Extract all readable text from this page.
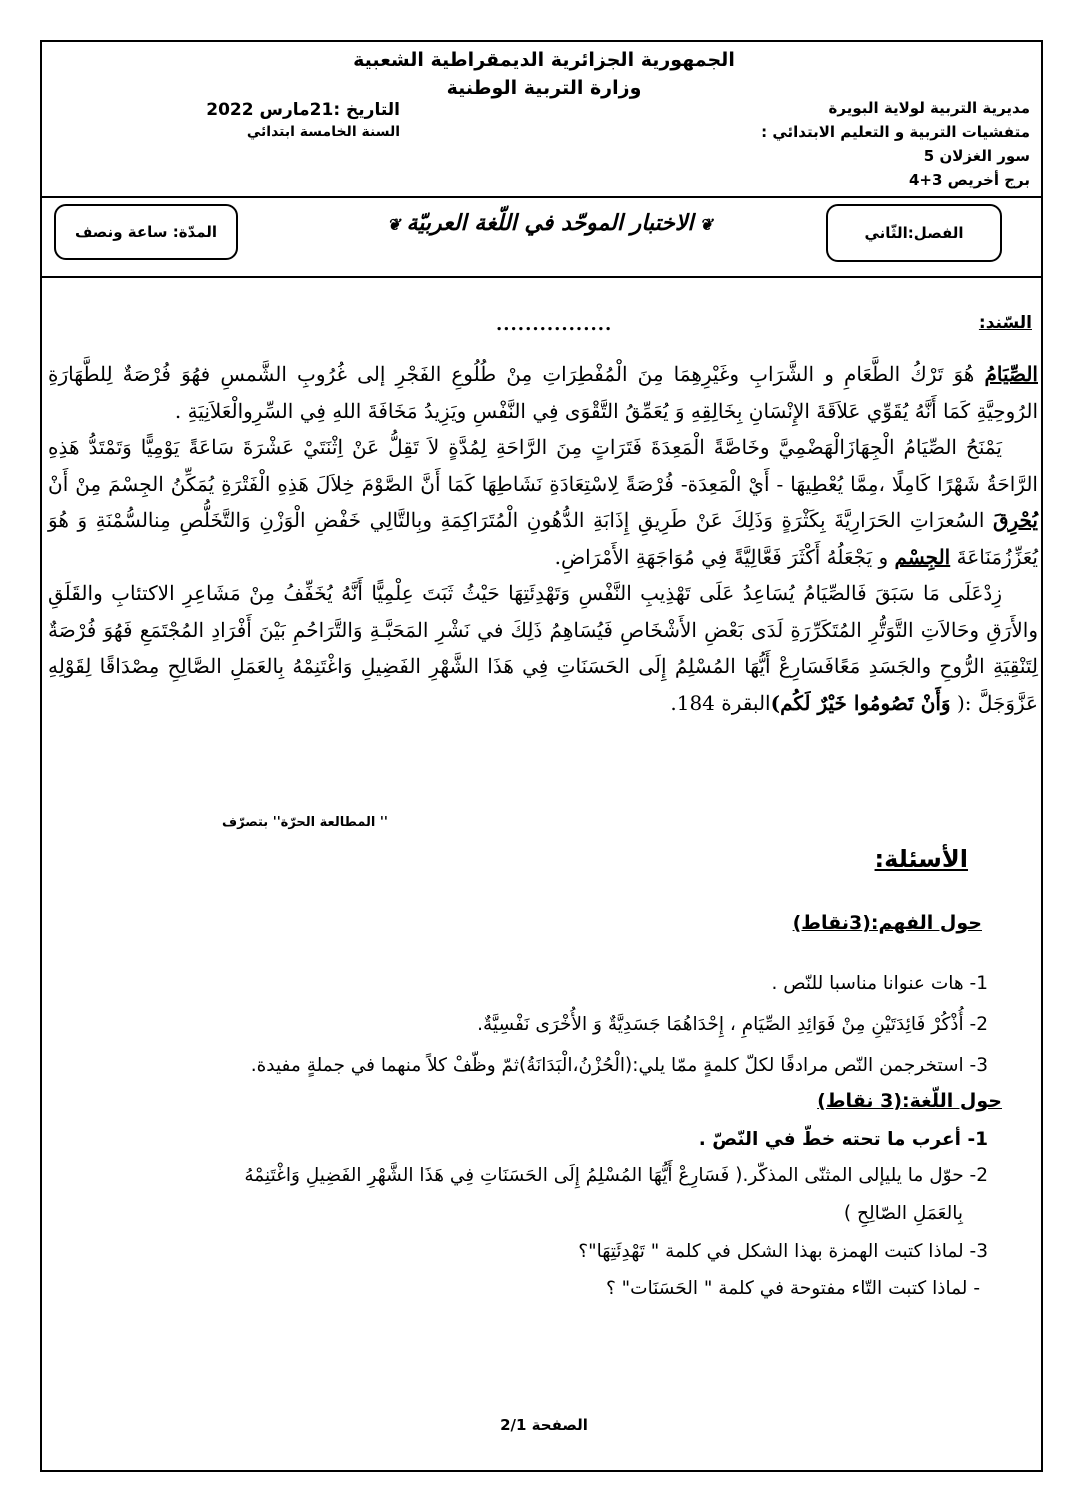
الجمهورية الجزائرية الديمقراطية الشعبية
وزارة التربية الوطنية
مديرية التربية لولاية البويرة
متفشيات التربية و التعليم الابتدائي :
سور الغزلان 5
برج أخريص 3+4
التاريخ :21مارس 2022
السنة الخامسة ابتدائي
الفصل:الثّاني
❦الاختبار الموحّد في اللّغة العربيّة❦
المدّة: ساعة ونصف
السّند:
................

الصِّيَامُ هُوَ تَرْكُ الطَّعَامِ و الشَّرَابِ وغَيْرِهِمَا مِنَ الْمُفْطِرَاتِ مِنْ طُلُوعِ الفَجْرِ إلى غُرُوبِ الشَّمسِ فهُوَ فُرْصَةٌ لِلطَّهَارَةِ الرُوحِيَّةِ كَمَا أَنَّهُ يُقَوِّي عَلاَقَةَ الإِنْسَانِ بِخَالِقِهِ وَ يُعَمِّقُ التَّقْوَى فِي النَّفْسِ ويَزِيدُ مَخَافَةَ اللهِ فِي السِّرِوالْعَلاَنِيَةِ .

يَمْنَحُ الصِّيَامُ الْجِهَازَالْهَضْمِيَّ وخَاصَّةً الْمَعِدَةَ فَتَرَاتٍ مِنَ الرَّاحَةِ لِمُدَّةٍ لاَ تَقِلُّ عَنْ اِثْنَتَيْ عَشْرَةَ سَاعَةً يَوْمِيًّا وَتَمْتَدُّ هَذِهِ الرَّاحَةُ شَهْرًا كَامِلًا ،مِمَّا يُعْطِيهَا - أَيْ الْمَعِدَة- فُرْصَةً لِاسْتِعَادَةِ نَشَاطِهَا كَمَا أَنَّ الصَّوْمَ خِلاَلَ هَذِهِ الْفَتْرَةِ يُمَكِّنُ الجِسْمَ مِنْ أَنْ يُحْرِقَ السُعرَاتِ الحَرَارِيَّةَ بِكَثْرَةٍ وَذَلِكَ عَنْ طَرِيقِ إِذَابَةِ الدُّهُونِ الْمُتَرَاكِمَةِ وبِالتَّالِي خَفْضِ الْوَزْنِ وَالتَّخَلُّصِ مِنالسُّمْنَةِ وَ هُوَ يُعَزِّزُمَنَاعَةَ الجِسْم و يَجْعَلُهُ أَكْثَرَ فَعَّالِيَّةً فِي مُوَاجَهَةِ الأَمْرَاضِ.

زِدْعَلَى مَا سَبَقَ فَالصِّيَامُ يُسَاعِدُ عَلَى تَهْذِيبِ النَّفْسِ وَتَهْدِئَتِهَا حَيْثُ ثَبَتَ عِلْمِيًّا أَنَّهُ يُخَفِّفُ مِنْ مَشَاعِرِ الاكتئابِ والقَلَقِ والأَرَقِ وحَالاَتِ التَّوَتُّرِ المُتَكَرِّرَةِ لَدَى بَعْضِ الأَشْخَاصِ فَيُسَاهِمُ ذَلِكَ في نَشْرِ المَحَبَّـةِ وَالتَّرَاحُمِ بَيْنَ أَفْرَادِ المُجْتَمَعِ فَهُوَ فُرْصَةٌ لِتَنْقِيَةِ الرُّوحِ والجَسَدِ مَعًافَسَارِعْ أَيُّهَا المُسْلِمُ إِلَى الحَسَنَاتِ فِي هَذَا الشَّهْرِ الفَضِيلِ وَاغْتَنِمْهُ بِالعَمَلِ الصَّالِحِ مِصْدَاقًا لِقَوْلِهِ عَزَّوَجَلَّ :( وَأَنْ تَصُومُوا خَيْرٌ لَكُم)البقرة 184.

'' المطالعة الحرّة'' بتصرّف
الأسئلة:
حول الفهم:(3نقاط)
1- هات عنوانا مناسبا للنّص .
2- أُذْكُرْ فَائِدَتَيْنِ مِنْ فَوَائِدِ الصِّيَامِ ، إِحْدَاهُمَا جَسَدِيَّةٌ وَ الأُخْرَى نَفْسِيَّةٌ.
3- استخرجمن النّص مرادفًا لكلّ كلمةٍ ممّا يلي:(الْحُزْنُ،الْبَدَانَةُ)ثمّ وظّفْ كلاً منهما في جملةٍ مفيدة.
حول اللّغة:(3 نقاط)
1- أعرب ما تحته خطّ في النّصّ .
2- حوّل ما يليإلى المثنّى المذكّر.( فَسَارِعْ أَيُّهَا المُسْلِمُ إِلَى الحَسَنَاتِ فِي هَذَا الشَّهْرِ الفَضِيلِ وَاغْتَنِمْهُ
بِالعَمَلِ الصّالِحِ )
3- لماذا كتبت الهمزة بهذا الشكل في كلمة " تَهْدِئَتِهَا"؟
- لماذا كتبت التّاء مفتوحة في كلمة " الحَسَنَات" ؟
الصفحة 2/1
